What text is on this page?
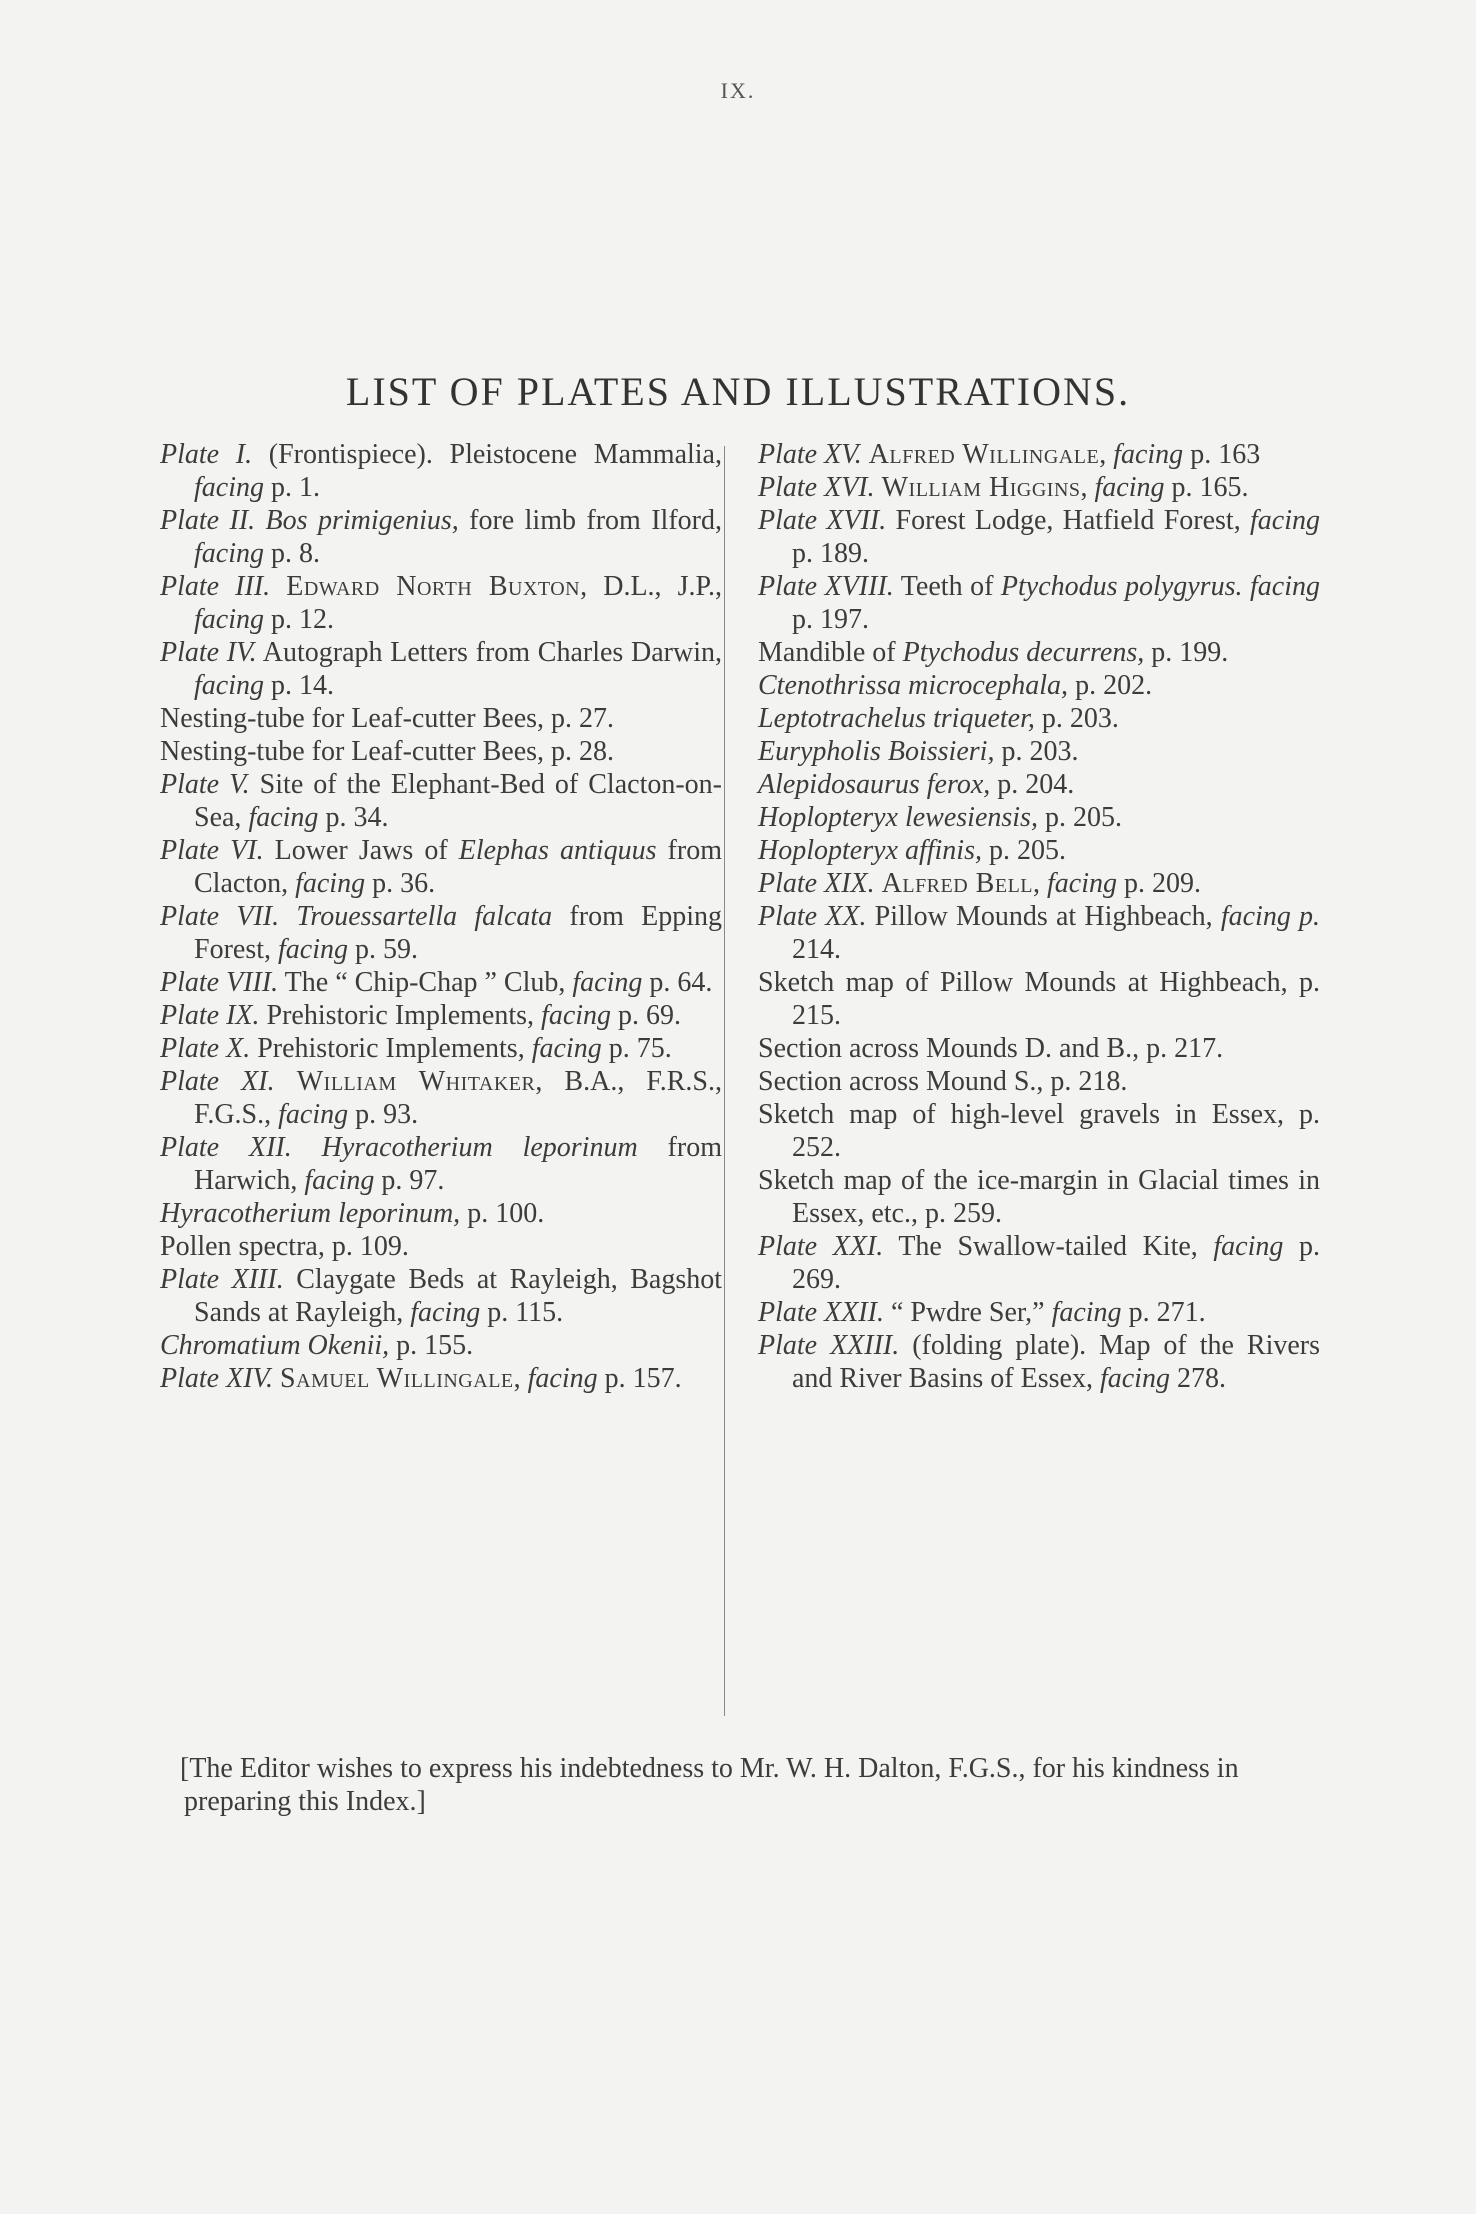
IX.
LIST OF PLATES AND ILLUSTRATIONS.

Plate I. (Frontispiece). Pleistocene Mammalia, facing p. 1.

Plate II. Bos primigenius, fore limb from Ilford, facing p. 8.

Plate III. Edward North Buxton, D.L., J.P., facing p. 12.

Plate IV. Autograph Letters from Charles Darwin, facing p. 14.

Nesting-tube for Leaf-cutter Bees, p. 27.

Nesting-tube for Leaf-cutter Bees, p. 28.

Plate V. Site of the Elephant-Bed of Clacton-on-Sea, facing p. 34.

Plate VI. Lower Jaws of Elephas antiquus from Clacton, facing p. 36.

Plate VII. Trouessartella falcata from Epping Forest, facing p. 59.

Plate VIII. The “ Chip-Chap ” Club, facing p. 64.

Plate IX. Prehistoric Implements, facing p. 69.

Plate X. Prehistoric Implements, facing p. 75.

Plate XI. William Whitaker, B.A., F.R.S., F.G.S., facing p. 93.

Plate XII. Hyracotherium leporinum from Harwich, facing p. 97.

Hyracotherium leporinum, p. 100.

Pollen spectra, p. 109.

Plate XIII. Claygate Beds at Rayleigh, Bagshot Sands at Rayleigh, facing p. 115.

Chromatium Okenii, p. 155.

Plate XIV. Samuel Willingale, facing p. 157.

Plate XV. Alfred Willingale, facing p. 163

Plate XVI. William Higgins, facing p. 165.

Plate XVII. Forest Lodge, Hatfield Forest, facing p. 189.

Plate XVIII. Teeth of Ptychodus polygyrus. facing p. 197.

Mandible of Ptychodus decurrens, p. 199.

Ctenothrissa microcephala, p. 202.

Leptotrachelus triqueter, p. 203.

Eurypholis Boissieri, p. 203.

Alepidosaurus ferox, p. 204.

Hoplopteryx lewesiensis, p. 205.

Hoplopteryx affinis, p. 205.

Plate XIX. Alfred Bell, facing p. 209.

Plate XX. Pillow Mounds at Highbeach, facing p. 214.

Sketch map of Pillow Mounds at Highbeach, p. 215.

Section across Mounds D. and B., p. 217.

Section across Mound S., p. 218.

Sketch map of high-level gravels in Essex, p. 252.

Sketch map of the ice-margin in Glacial times in Essex, etc., p. 259.

Plate XXI. The Swallow-tailed Kite, facing p. 269.

Plate XXII. “ Pwdre Ser,” facing p. 271.

Plate XXIII. (folding plate). Map of the Rivers and River Basins of Essex, facing 278.

[The Editor wishes to express his indebtedness to Mr. W. H. Dalton, F.G.S., for his kindness in preparing this Index.]
